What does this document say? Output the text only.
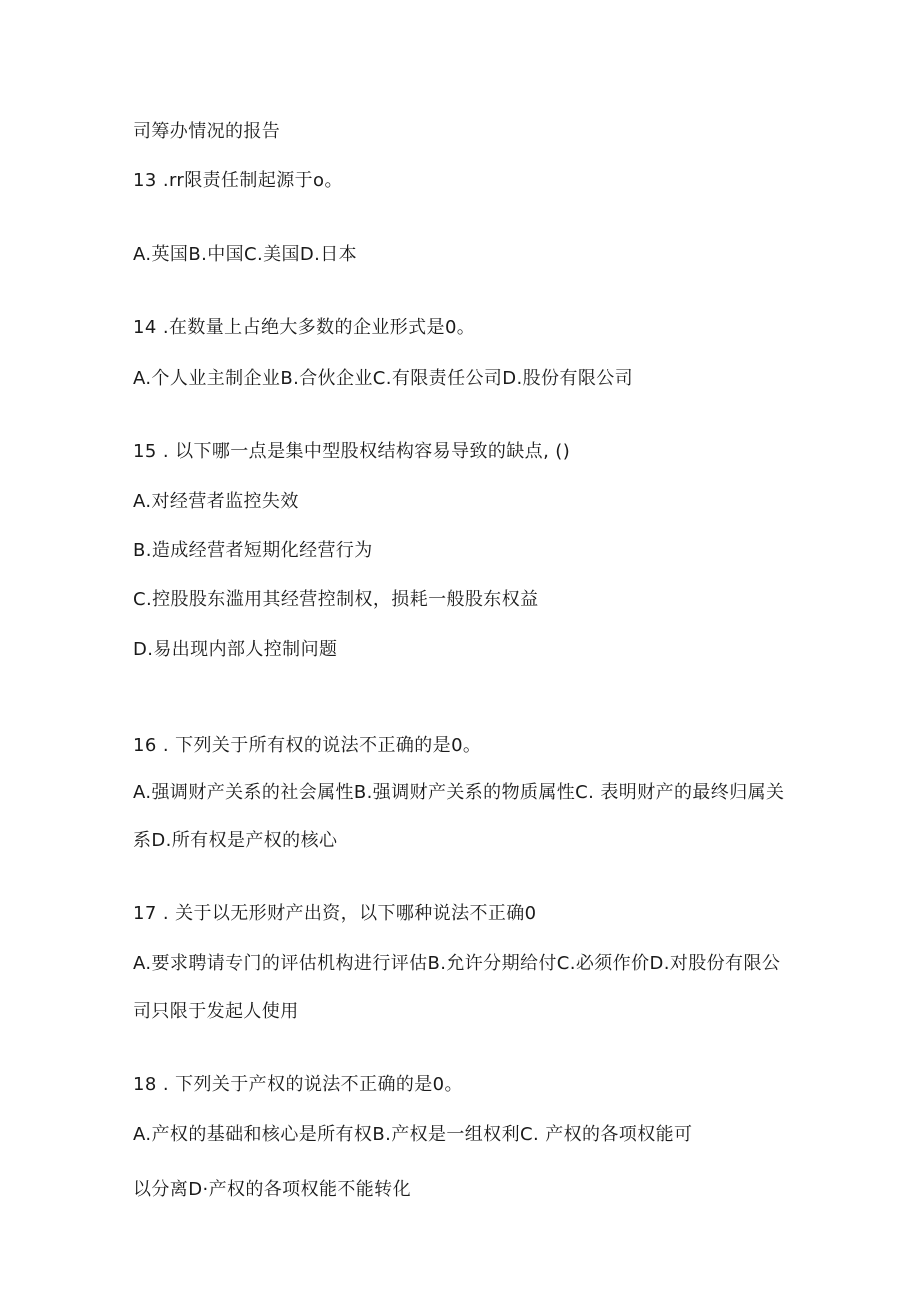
司筹办情况的报告
13 .rr限责任制起源于o。
A.英国B.中国C.美国D.日本
14 .在数量上占绝大多数的企业形式是0。
A.个人业主制企业B.合伙企业C.有限责任公司D.股份有限公司
15 . 以下哪一点是集中型股权结构容易导致的缺点, ()
A.对经营者监控失效
B.造成经营者短期化经营行为
C.控股股东滥用其经营控制权，损耗一般股东权益
D.易出现内部人控制问题
16 . 下列关于所有权的说法不正确的是0。
A.强调财产关系的社会属性B.强调财产关系的物质属性C. 表明财产的最终归属关
系D.所有权是产权的核心
17 . 关于以无形财产出资，以下哪种说法不正确0
A.要求聘请专门的评估机构进行评估B.允许分期给付C.必须作价D.对股份有限公
司只限于发起人使用
18 . 下列关于产权的说法不正确的是0。
A.产权的基础和核心是所有权B.产权是一组权利C. 产权的各项权能可
以分离D·产权的各项权能不能转化
